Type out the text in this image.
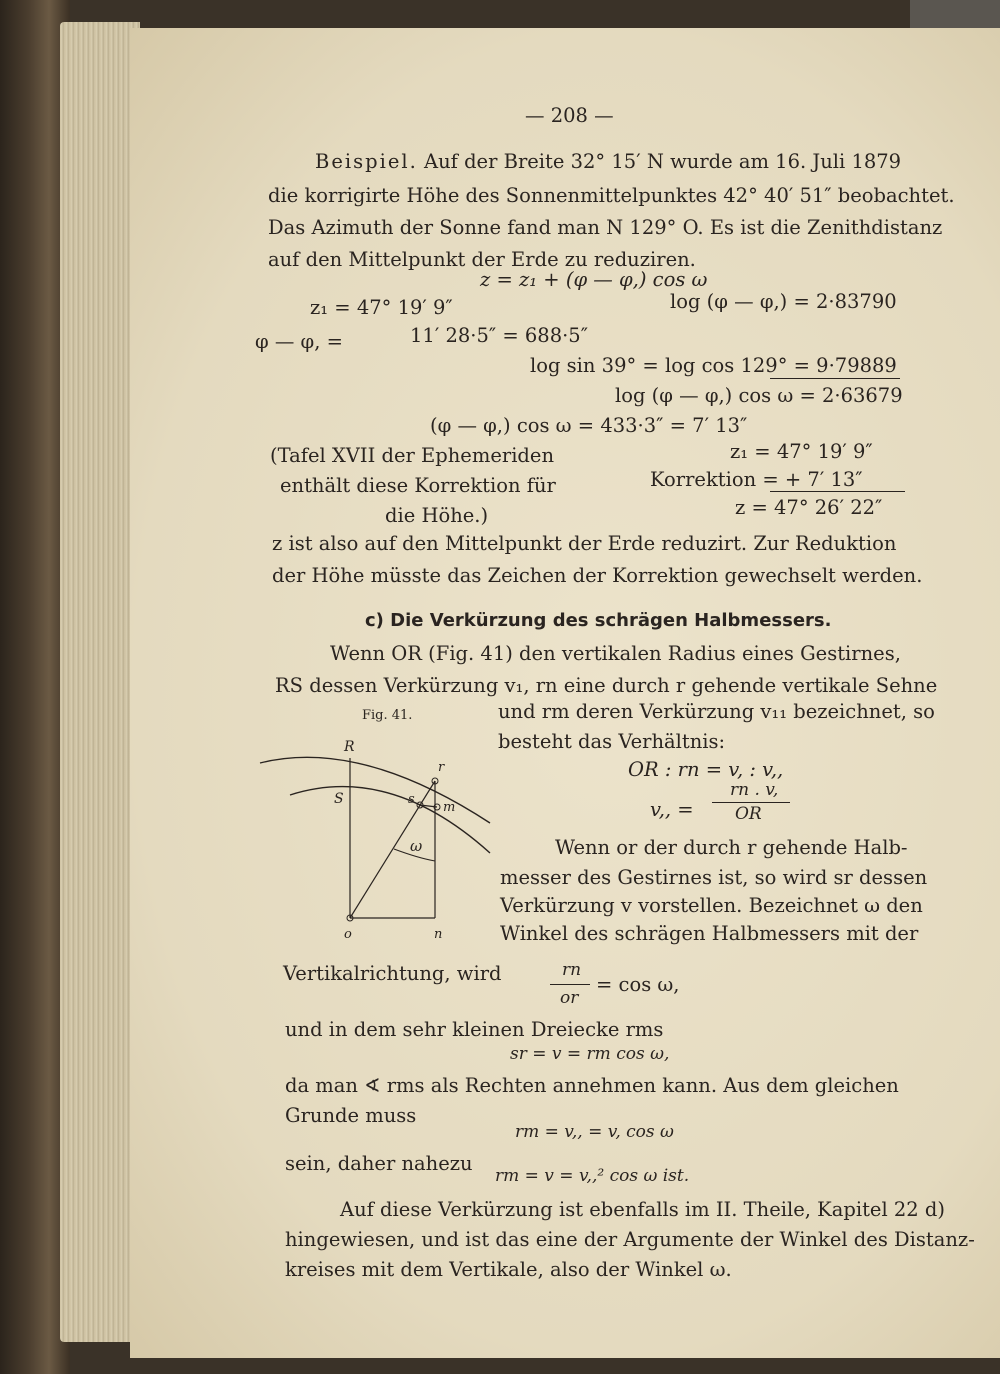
— 208 —
Beispiel. Auf der Breite 32° 15′ N wurde am 16. Juli 1879
die korrigirte Höhe des Sonnenmittelpunktes 42° 40′ 51″ beobachtet.
Das Azimuth der Sonne fand man N 129° O. Es ist die Zenithdistanz
auf den Mittelpunkt der Erde zu reduziren.
z = z₁ + (φ — φ,) cos ω
z₁ = 47° 19′ 9″	log (φ — φ,) = 2·83790
φ — φ, =	11′ 28·5″ = 688·5″
log sin 39° = log cos 129° = 9·79889
log (φ — φ,) cos ω = 2·63679
(φ — φ,) cos ω = 433·3″ = 7′ 13″
(Tafel XVII der Ephemeriden
enthält diese Korrektion für
die Höhe.)
z₁ = 47° 19′ 9″
Korrektion = + 7′ 13″
z = 47° 26′ 22″
z ist also auf den Mittelpunkt der Erde reduzirt. Zur Reduktion
der Höhe müsste das Zeichen der Korrektion gewechselt werden.
c) Die Verkürzung des schrägen Halbmessers.
Wenn OR (Fig. 41) den vertikalen Radius eines Gestirnes,
RS dessen Verkürzung v₁, rn eine durch r gehende vertikale Sehne
Fig. 41.	und rm deren Verkürzung v₁₁ bezeichnet, so
besteht das Verhältnis:
R
S
r
s
m
ω
o	n
OR : rn = v, : v,,
v,, =
rn . v,
OR
Wenn or der durch r gehende Halb-
messer des Gestirnes ist, so wird sr dessen
Verkürzung v vorstellen. Bezeichnet ω den
Winkel des schrägen Halbmessers mit der
Vertikalrichtung, wird	rn
or
= cos ω,
und in dem sehr kleinen Dreiecke rms
sr = v = rm cos ω,
da man ∢ rms als Rechten annehmen kann. Aus dem gleichen
Grunde muss
rm = v,, = v, cos ω
sein, daher nahezu
rm = v = v,,² cos ω ist.
Auf diese Verkürzung ist ebenfalls im II. Theile, Kapitel 22 d)
hingewiesen, und ist das eine der Argumente der Winkel des Distanz-
kreises mit dem Vertikale, also der Winkel ω.
